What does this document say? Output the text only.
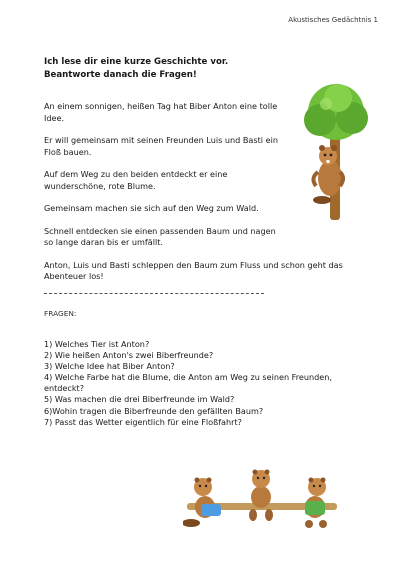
Akustisches Gedächtnis 1
Ich lese dir eine kurze Geschichte vor.
Beantworte danach die Fragen!

An einem sonnigen, heißen Tag hat Biber Anton eine tolle Idee.

Er will gemeinsam mit seinen Freunden Luis und Basti ein Floß bauen.

Auf dem Weg zu den beiden entdeckt er eine wunderschöne, rote Blume.

Gemeinsam machen sie sich auf den Weg zum Wald.

Schnell entdecken sie einen passenden Baum und nagen so lange daran bis er umfällt.

Anton, Luis und Basti schleppen den Baum zum Fluss und schon geht das Abenteuer los!

FRAGEN:
1) Welches Tier ist Anton?
2) Wie heißen Anton's zwei Biberfreunde?
3) Welche Idee hat Biber Anton?
4) Welche Farbe hat die Blume, die Anton am Weg zu seinen Freunden, entdeckt?
5) Was machen die drei Biberfreunde im Wald?
6)Wohin tragen die Biberfreunde den gefällten Baum?
7) Passt das Wetter eigentlich für eine Floßfahrt?
